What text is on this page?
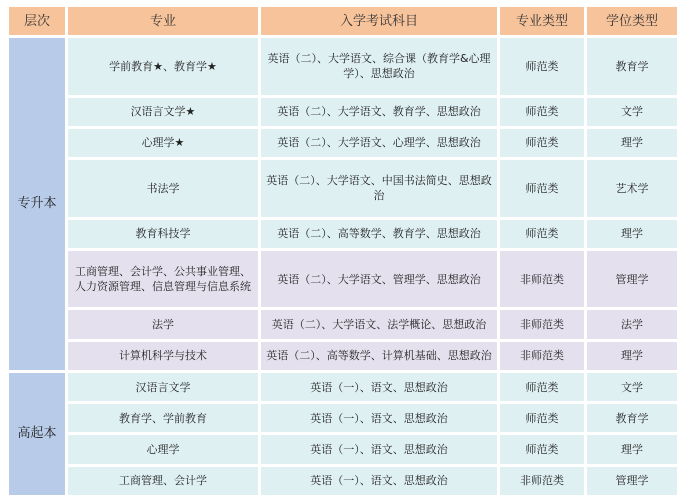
层次	专业	入学考试科目	专业类型	学位类型
专升本	学前教育★、教育学★	英语（二）、大学语文、综合课（教育学&心理学）、思想政治	师范类	教育学
	汉语言文学★	英语（二）、大学语文、教育学、思想政治	师范类	文学
	心理学★	英语（二）、大学语文、心理学、思想政治	师范类	理学
	书法学	英语（二）、大学语文、中国书法简史、思想政治	师范类	艺术学
	教育科技学	英语（二）、高等数学、教育学、思想政治	师范类	理学
	工商管理、会计学、公共事业管理、人力资源管理、信息管理与信息系统	英语（二）、大学语文、管理学、思想政治	非师范类	管理学
	法学	英语（二）、大学语文、法学概论、思想政治	非师范类	法学
	计算机科学与技术	英语（二）、高等数学、计算机基础、思想政治	非师范类	理学
高起本	汉语言文学	英语（一）、语文、思想政治	师范类	文学
	教育学、学前教育	英语（一）、语文、思想政治	师范类	教育学
	心理学	英语（一）、语文、思想政治	师范类	理学
	工商管理、会计学	英语（一）、语文、思想政治	非师范类	管理学
